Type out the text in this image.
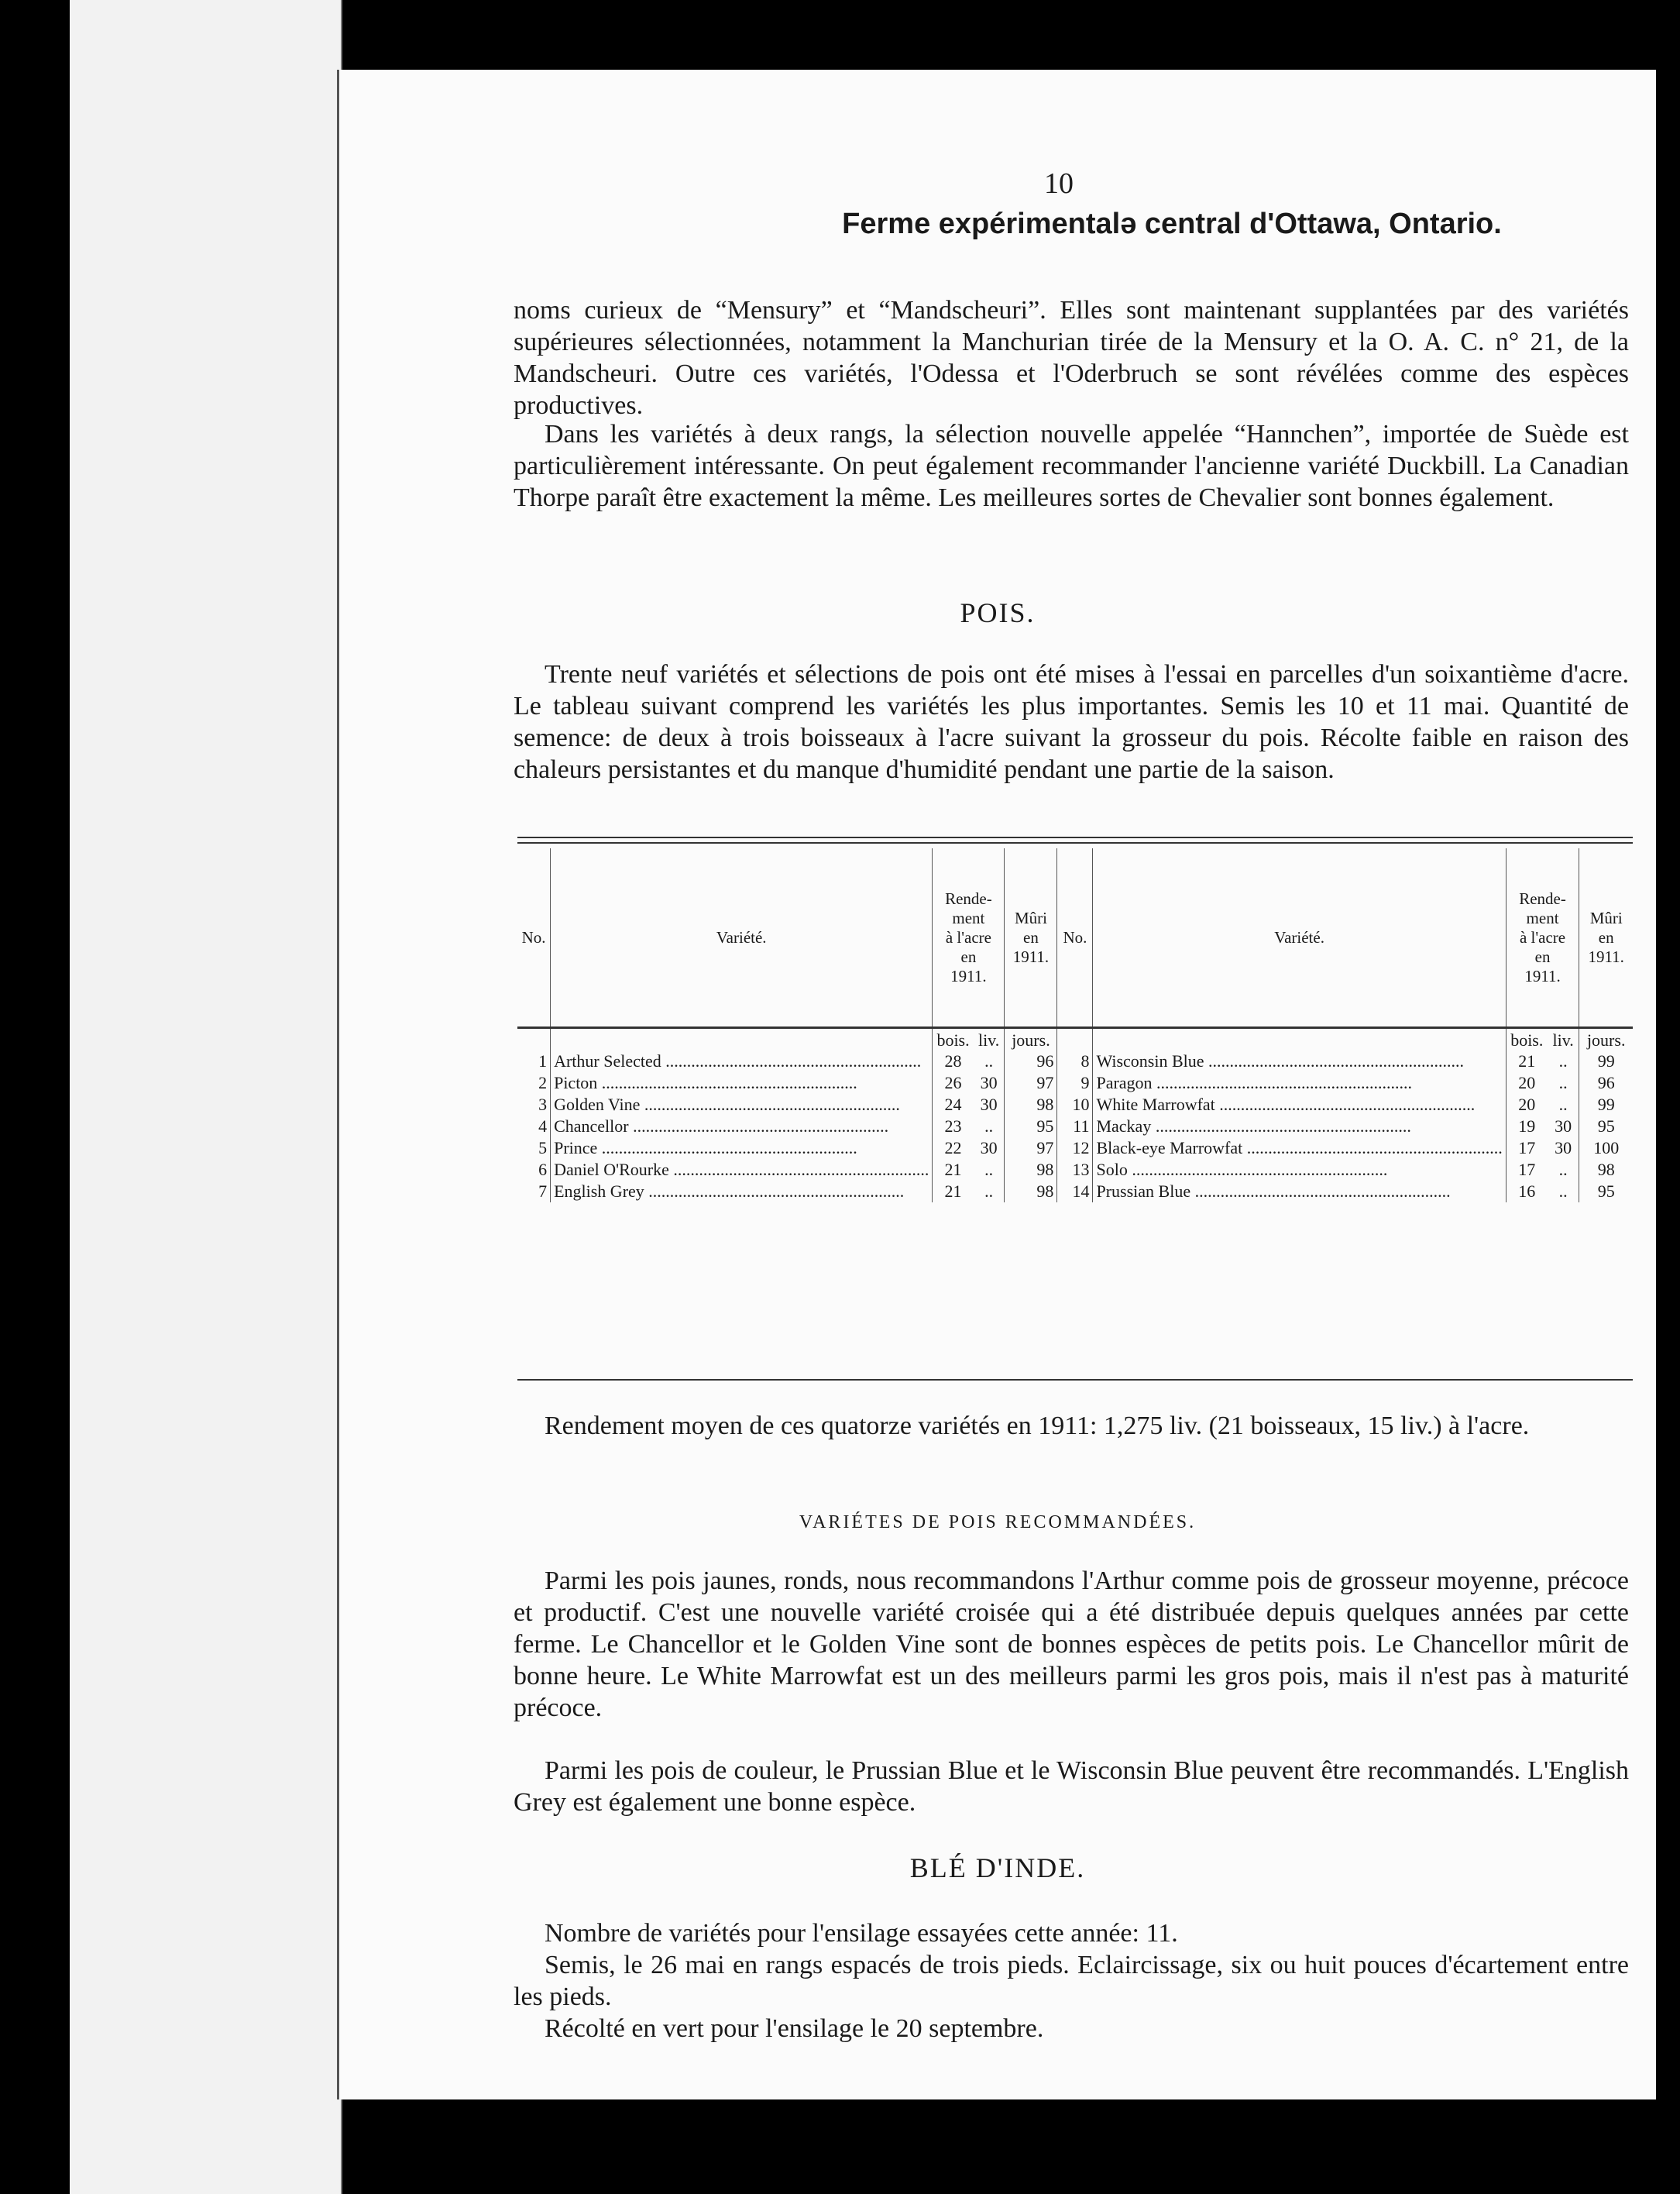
10
Ferme expérimentalə central d'Ottawa, Ontario.

noms curieux de “Mensury” et “Mandscheuri”. Elles sont maintenant supplantées par des variétés supérieures sélectionnées, notamment la Manchurian tirée de la Mensury et la O. A. C. n° 21, de la Mandscheuri. Outre ces variétés, l'Odessa et l'Oderbruch se sont révélées comme des espèces productives.

Dans les variétés à deux rangs, la sélection nouvelle appelée “Hannchen”, importée de Suède est particulièrement intéressante. On peut également recommander l'ancienne variété Duckbill. La Canadian Thorpe paraît être exactement la même. Les meilleures sortes de Chevalier sont bonnes également.

POIS.

Trente neuf variétés et sélections de pois ont été mises à l'essai en parcelles d'un soixantième d'acre. Le tableau suivant comprend les variétés les plus importantes. Semis les 10 et 11 mai. Quantité de semence: de deux à trois boisseaux à l'acre suivant la grosseur du pois. Récolte faible en raison des chaleurs persistantes et du manque d'humidité pendant une partie de la saison.

No.	Variété.	Rende-
ment
à l'acre
en
1911.		Mûri
en
1911.	No.	Variété.	Rende-
ment
à l'acre
en
1911.		Mûri
en
1911.
		bois.	liv.	jours.			bois.	liv.	jours.
1	Arthur Selected ............................................................	28	..	96	8	Wisconsin Blue ............................................................	21	..	99
2	Picton ............................................................	26	30	97	9	Paragon ............................................................	20	..	96
3	Golden Vine ............................................................	24	30	98	10	White Marrowfat ............................................................	20	..	99
4	Chancellor ............................................................	23	..	95	11	Mackay ............................................................	19	30	95
5	Prince ............................................................	22	30	97	12	Black-eye Marrowfat ............................................................	17	30	100
6	Daniel O'Rourke ............................................................	21	..	98	13	Solo ............................................................	17	..	98
7	English Grey ............................................................	21	..	98	14	Prussian Blue ............................................................	16	..	95

Rendement moyen de ces quatorze variétés en 1911: 1,275 liv. (21 boisseaux, 15 liv.) à l'acre.

VARIÉTES DE POIS RECOMMANDÉES.

Parmi les pois jaunes, ronds, nous recommandons l'Arthur comme pois de grosseur moyenne, précoce et productif. C'est une nouvelle variété croisée qui a été distribuée depuis quelques années par cette ferme. Le Chancellor et le Golden Vine sont de bonnes espèces de petits pois. Le Chancellor mûrit de bonne heure. Le White Marrowfat est un des meilleurs parmi les gros pois, mais il n'est pas à maturité précoce.

Parmi les pois de couleur, le Prussian Blue et le Wisconsin Blue peuvent être recommandés. L'English Grey est également une bonne espèce.

BLÉ D'INDE.

Nombre de variétés pour l'ensilage essayées cette année: 11.

Semis, le 26 mai en rangs espacés de trois pieds. Eclaircissage, six ou huit pouces d'écartement entre les pieds.

Récolté en vert pour l'ensilage le 20 septembre.
